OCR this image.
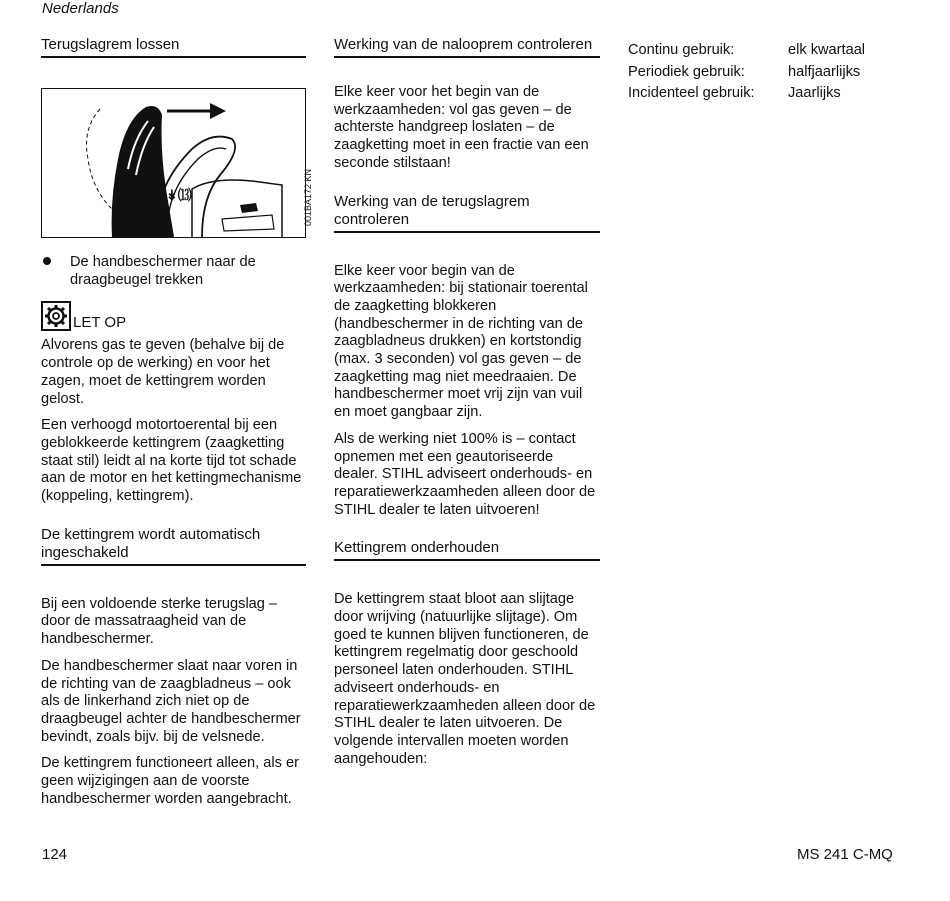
Nederlands
Terugslagrem lossen
↡⒀	001BA172 KN
De handbeschermer naar de draagbeugel trekken
LET OP

Alvorens gas te geven (behalve bij de controle op de werking) en voor het zagen, moet de kettingrem worden gelost.

Een verhoogd motortoerental bij een geblokkeerde kettingrem (zaagketting staat stil) leidt al na korte tijd tot schade aan de motor en het kettingmechanisme (koppeling, kettingrem).

De kettingrem wordt automatisch ingeschakeld

Bij een voldoende sterke terugslag – door de massatraagheid van de handbeschermer.

De handbeschermer slaat naar voren in de richting van de zaagbladneus – ook als de linkerhand zich niet op de draagbeugel achter de handbeschermer bevindt, zoals bijv. bij de velsnede.

De kettingrem functioneert alleen, als er geen wijzigingen aan de voorste handbeschermer worden aangebracht.

Werking van de nalooprem controleren

Elke keer voor het begin van de werkzaamheden: vol gas geven – de achterste handgreep loslaten – de zaagketting moet in een fractie van een seconde stilstaan!

Werking van de terugslagrem controleren

Elke keer voor begin van de werkzaamheden: bij stationair toerental de zaagketting blokkeren (handbeschermer in de richting van de zaagbladneus drukken) en kortstondig (max. 3 seconden) vol gas geven – de zaagketting mag niet meedraaien. De handbeschermer moet vrij zijn van vuil en moet gangbaar zijn.

Als de werking niet 100% is – contact opnemen met een geautoriseerde dealer. STIHL adviseert onderhouds- en reparatiewerkzaamheden alleen door de STIHL dealer te laten uitvoeren!

Kettingrem onderhouden

De kettingrem staat bloot aan slijtage door wrijving (natuurlijke slijtage). Om goed te kunnen blijven functioneren, de kettingrem regelmatig door geschoold personeel laten onderhouden. STIHL adviseert onderhouds- en reparatiewerkzaamheden alleen door de STIHL dealer te laten uitvoeren. De volgende intervallen moeten worden aangehouden:

Continu gebruik:	elk kwartaal
Periodiek gebruik:	halfjaarlijks
Incidenteel gebruik:	Jaarlijks
124	MS 241 C-MQ
